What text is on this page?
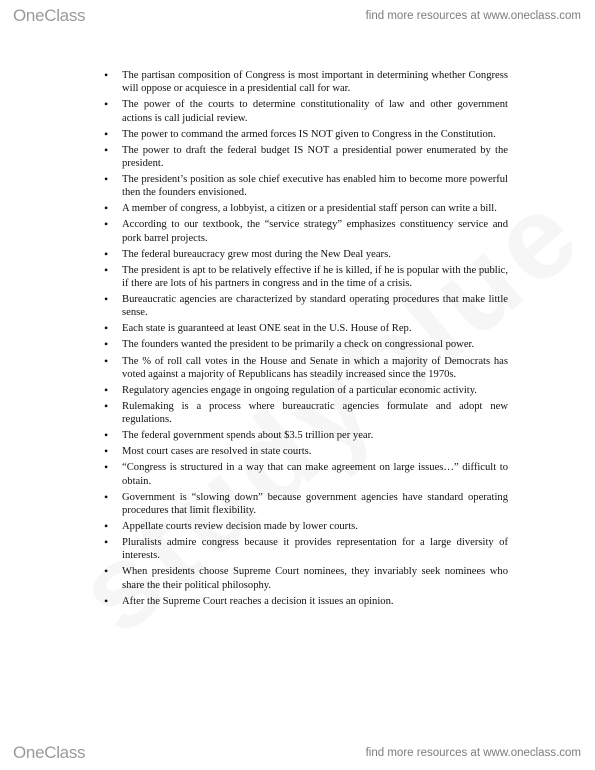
OneClass	find more resources at www.oneclass.com
• The partisan composition of Congress is most important in determining whether Congress will oppose or acquiesce in a presidential call for war.
• The power of the courts to determine constitutionality of law and other government actions is call judicial review.
• The power to command the armed forces IS NOT given to Congress in the Constitution.
• The power to draft the federal budget IS NOT a presidential power enumerated by the president.
• The president’s position as sole chief executive has enabled him to become more powerful then the founders envisioned.
• A member of congress, a lobbyist, a citizen or a presidential staff person can write a bill.
• According to our textbook, the “service strategy” emphasizes constituency service and pork barrel projects.
• The federal bureaucracy grew most during the New Deal years.
• The president is apt to be relatively effective if he is killed, if he is popular with the public, if there are lots of his partners in congress and in the time of a crisis.
• Bureaucratic agencies are characterized by standard operating procedures that make little sense.
• Each state is guaranteed at least ONE seat in the U.S. House of Rep.
• The founders wanted the president to be primarily a check on congressional power.
• The % of roll call votes in the House and Senate in which a majority of Democrats has voted against a majority of Republicans has steadily increased since the 1970s.
• Regulatory agencies engage in ongoing regulation of a particular economic activity.
• Rulemaking is a process where bureaucratic agencies formulate and adopt new regulations.
• The federal government spends about $3.5 trillion per year.
• Most court cases are resolved in state courts.
• “Congress is structured in a way that can make agreement on large issues…” difficult to obtain.
• Government is “slowing down” because government agencies have standard operating procedures that limit flexibility.
• Appellate courts review decision made by lower courts.
• Pluralists admire congress because it provides representation for a large diversity of interests.
• When presidents choose Supreme Court nominees, they invariably seek nominees who share the their political philosophy.
• After the Supreme Court reaches a decision it issues an opinion.
OneClass	find more resources at www.oneclass.com
